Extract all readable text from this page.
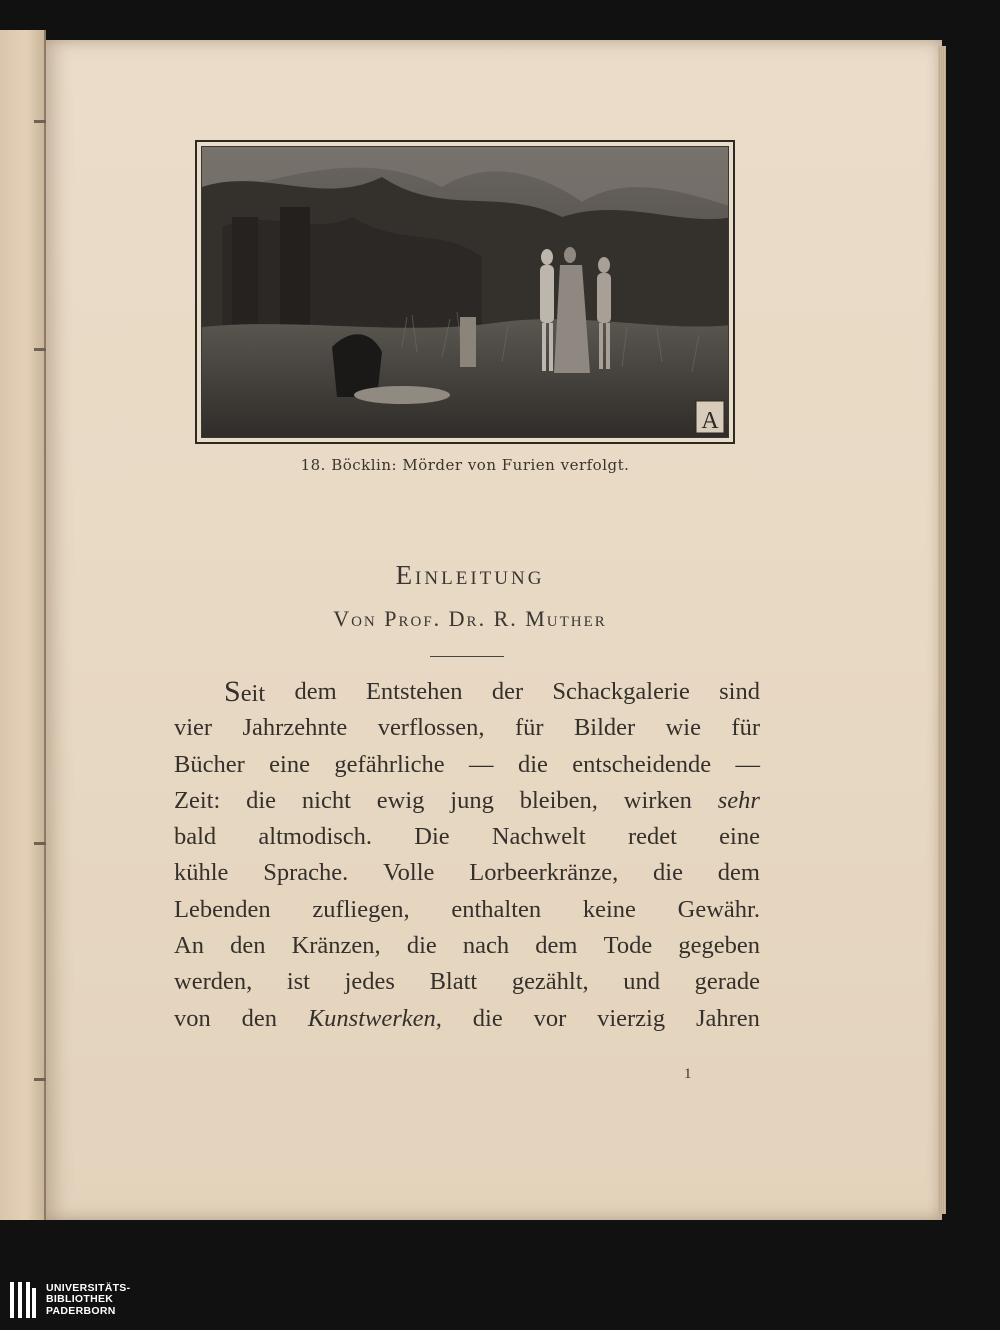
A
18. Böcklin: Mörder von Furien verfolgt.
Einleitung
Von Prof. Dr. R. Muther
Seit dem Entstehen der Schackgalerie sind
vier Jahrzehnte verflossen, für Bilder wie für
Bücher eine gefährliche — die entscheidende —
Zeit: die nicht ewig jung bleiben, wirken sehr
bald altmodisch. Die Nachwelt redet eine
kühle Sprache. Volle Lorbeerkränze, die dem
Lebenden zufliegen, enthalten keine Gewähr.
An den Kränzen, die nach dem Tode gegeben
werden, ist jedes Blatt gezählt, und gerade
von den Kunstwerken, die vor vierzig Jahren
1
UNIVERSITÄTS-
BIBLIOTHEK
PADERBORN
